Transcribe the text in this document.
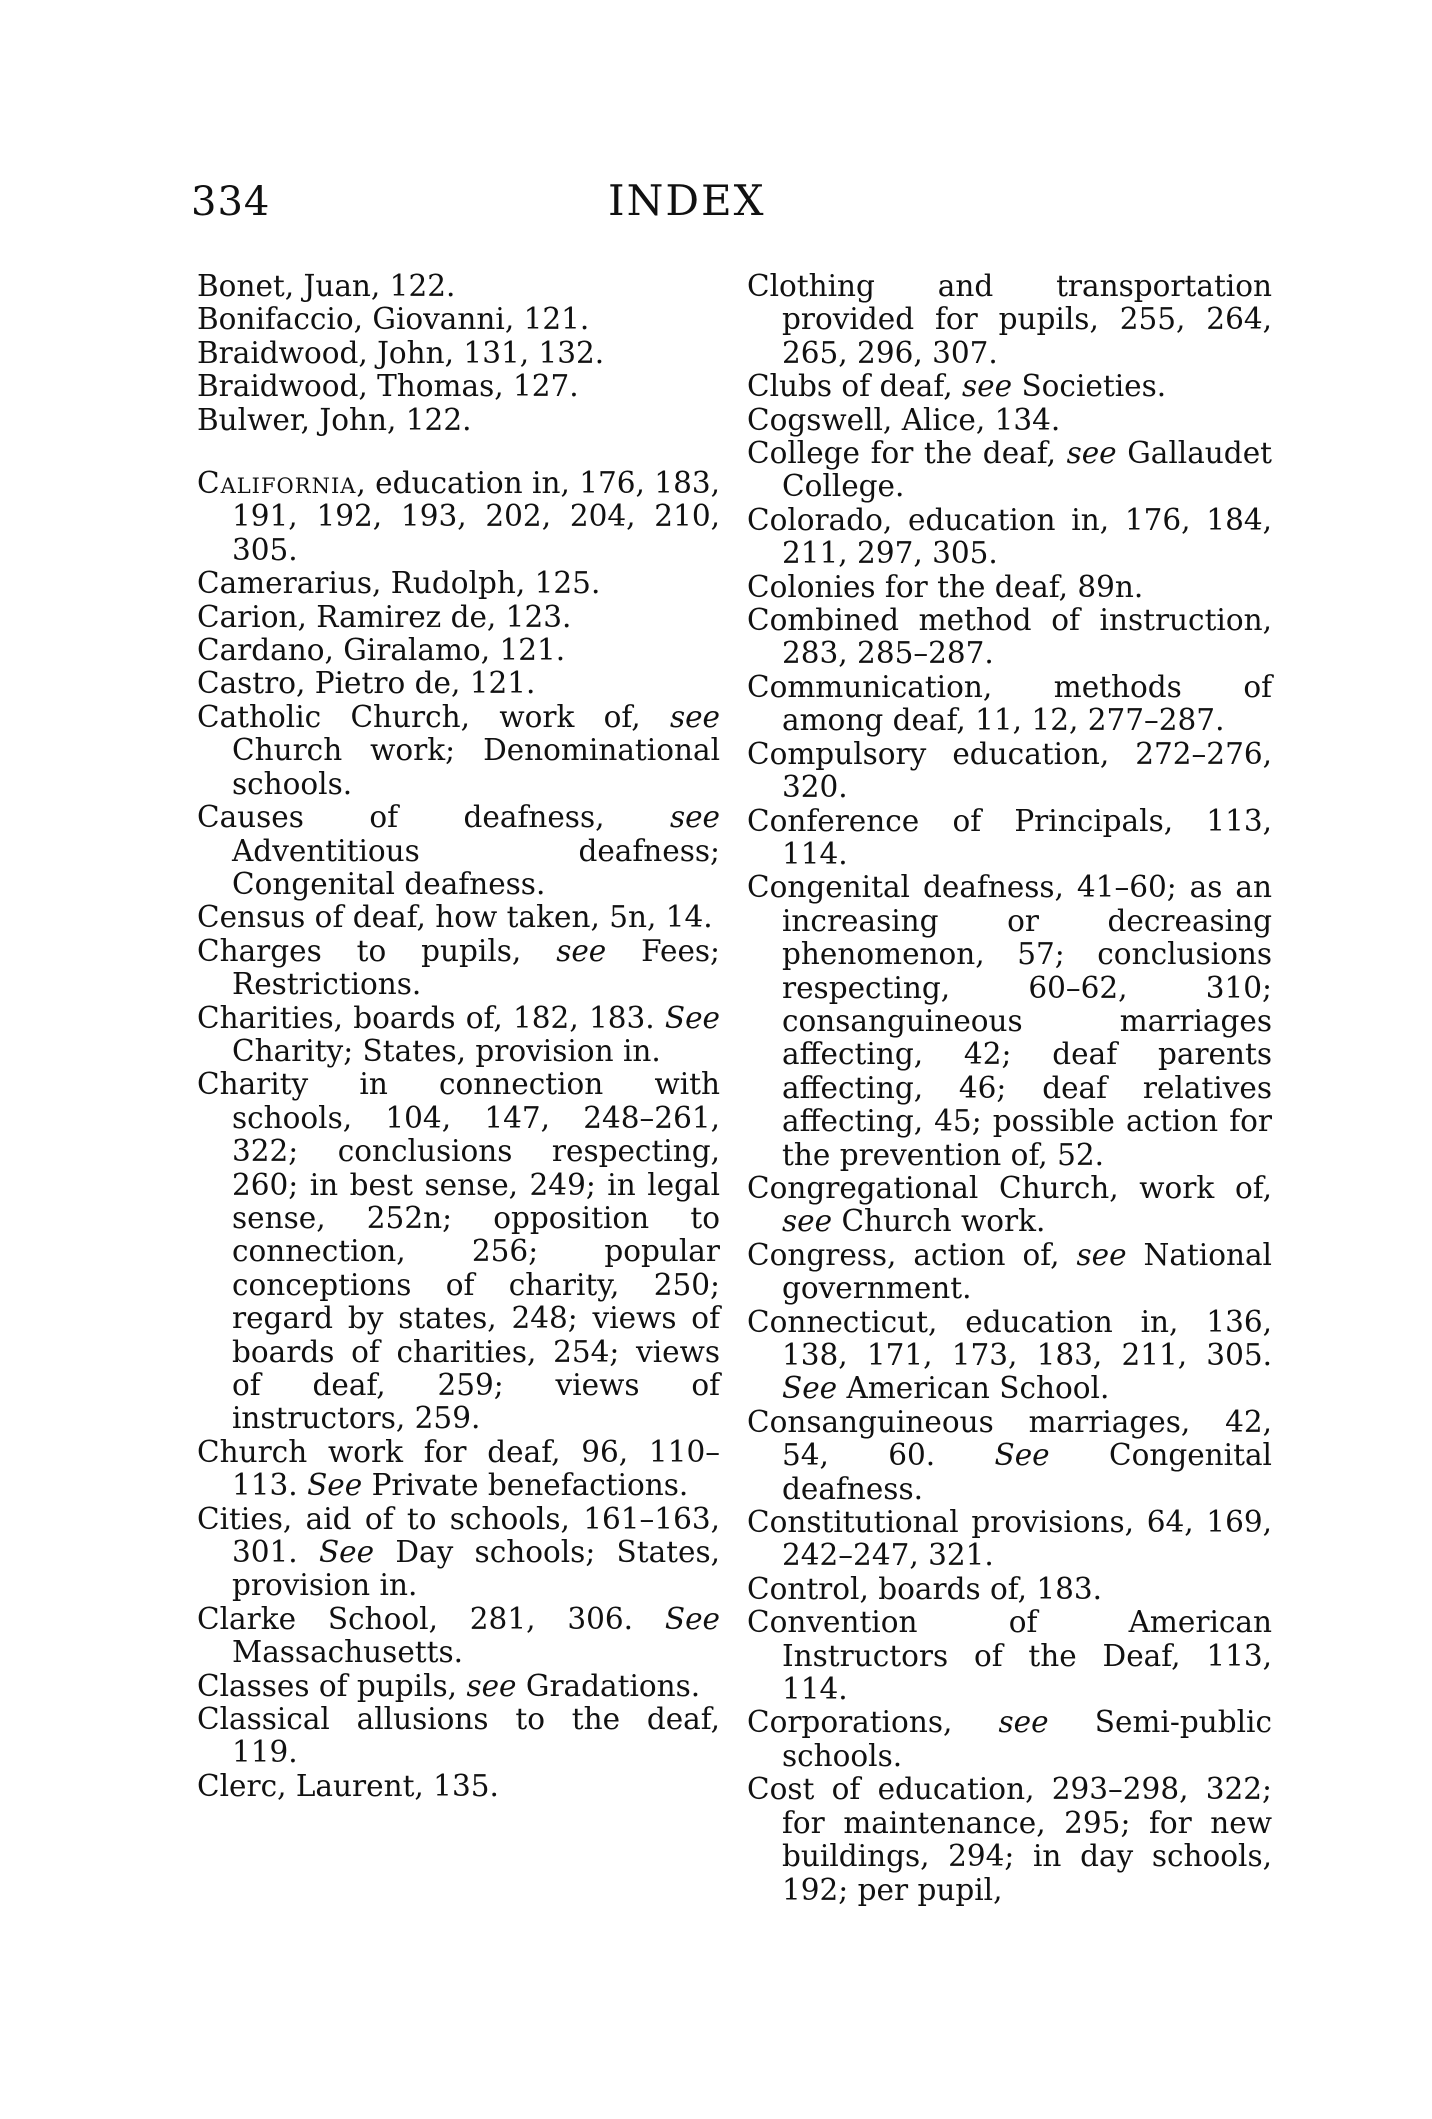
334	INDEX

Bonet, Juan, 122.

Bonifaccio, Giovanni, 121.

Braidwood, John, 131, 132.

Braidwood, Thomas, 127.

Bulwer, John, 122.

California, education in, 176, 183, 191, 192, 193, 202, 204, 210, 305.

Camerarius, Rudolph, 125.

Carion, Ramirez de, 123.

Cardano, Giralamo, 121.

Castro, Pietro de, 121.

Catholic Church, work of, see Church work; Denominational schools.

Causes of deafness, see Adventitious deafness; Congenital deafness.

Census of deaf, how taken, 5n, 14.

Charges to pupils, see Fees; Restrictions.

Charities, boards of, 182, 183. See Charity; States, provision in.

Charity in connection with schools, 104, 147, 248–261, 322; conclusions respecting, 260; in best sense, 249; in legal sense, 252n; opposition to connection, 256; popular conceptions of charity, 250; regard by states, 248; views of boards of charities, 254; views of deaf, 259; views of instructors, 259.

Church work for deaf, 96, 110–113. See Private benefactions.

Cities, aid of to schools, 161–163, 301. See Day schools; States, provision in.

Clarke School, 281, 306. See Massachusetts.

Classes of pupils, see Gradations.

Classical allusions to the deaf, 119.

Clerc, Laurent, 135.

Clothing and transportation provided for pupils, 255, 264, 265, 296, 307.

Clubs of deaf, see Societies.

Cogswell, Alice, 134.

College for the deaf, see Gallaudet College.

Colorado, education in, 176, 184, 211, 297, 305.

Colonies for the deaf, 89n.

Combined method of instruction, 283, 285–287.

Communication, methods of among deaf, 11, 12, 277–287.

Compulsory education, 272–276, 320.

Conference of Principals, 113, 114.

Congenital deafness, 41–60; as an increasing or decreasing phenomenon, 57; conclusions respecting, 60–62, 310; consanguineous marriages affecting, 42; deaf parents affecting, 46; deaf relatives affecting, 45; possible action for the prevention of, 52.

Congregational Church, work of, see Church work.

Congress, action of, see National government.

Connecticut, education in, 136, 138, 171, 173, 183, 211, 305. See American School.

Consanguineous marriages, 42, 54, 60. See Congenital deafness.

Constitutional provisions, 64, 169, 242–247, 321.

Control, boards of, 183.

Convention of American Instructors of the Deaf, 113, 114.

Corporations, see Semi-public schools.

Cost of education, 293–298, 322; for maintenance, 295; for new buildings, 294; in day schools, 192; per pupil,
